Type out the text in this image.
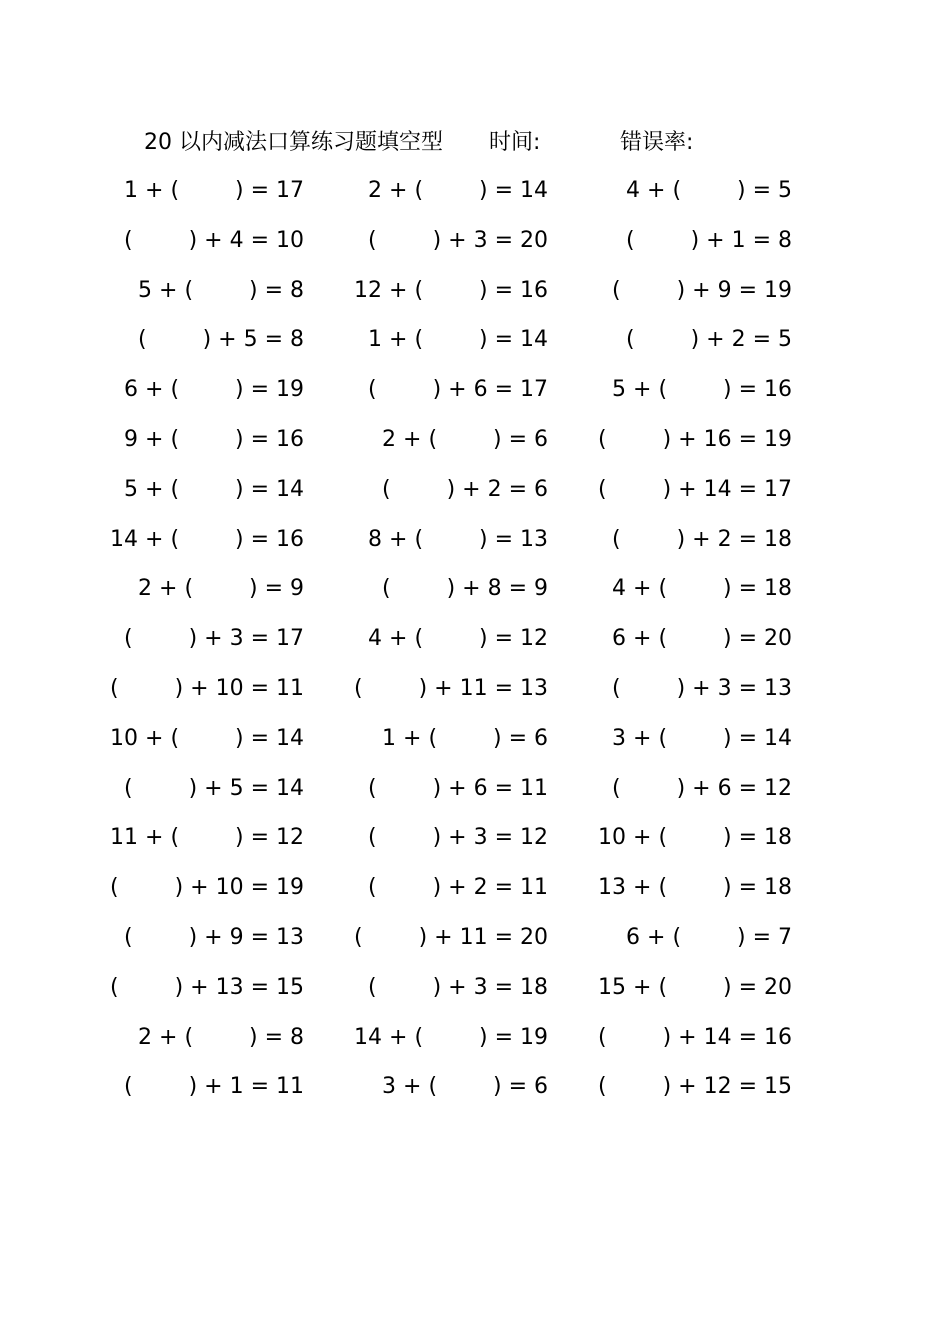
20 以内减法口算练习题填空型 时间:	错误率:
1 + (        ) = 17	2 + (        ) = 14	4 + (        ) = 5
(        ) + 4 = 10	(        ) + 3 = 20	(        ) + 1 = 8
5 + (        ) = 8	12 + (        ) = 16	(        ) + 9 = 19
(        ) + 5 = 8	1 + (        ) = 14	(        ) + 2 = 5
6 + (        ) = 19	(        ) + 6 = 17	5 + (        ) = 16
9 + (        ) = 16	2 + (        ) = 6	(        ) + 16 = 19
5 + (        ) = 14	(        ) + 2 = 6	(        ) + 14 = 17
14 + (        ) = 16	8 + (        ) = 13	(        ) + 2 = 18
2 + (        ) = 9	(        ) + 8 = 9	4 + (        ) = 18
(        ) + 3 = 17	4 + (        ) = 12	6 + (        ) = 20
(        ) + 10 = 11	(        ) + 11 = 13	(        ) + 3 = 13
10 + (        ) = 14	1 + (        ) = 6	3 + (        ) = 14
(        ) + 5 = 14	(        ) + 6 = 11	(        ) + 6 = 12
11 + (        ) = 12	(        ) + 3 = 12	10 + (        ) = 18
(        ) + 10 = 19	(        ) + 2 = 11	13 + (        ) = 18
(        ) + 9 = 13	(        ) + 11 = 20	6 + (        ) = 7
(        ) + 13 = 15	(        ) + 3 = 18	15 + (        ) = 20
2 + (        ) = 8	14 + (        ) = 19	(        ) + 14 = 16
(        ) + 1 = 11	3 + (        ) = 6	(        ) + 12 = 15
